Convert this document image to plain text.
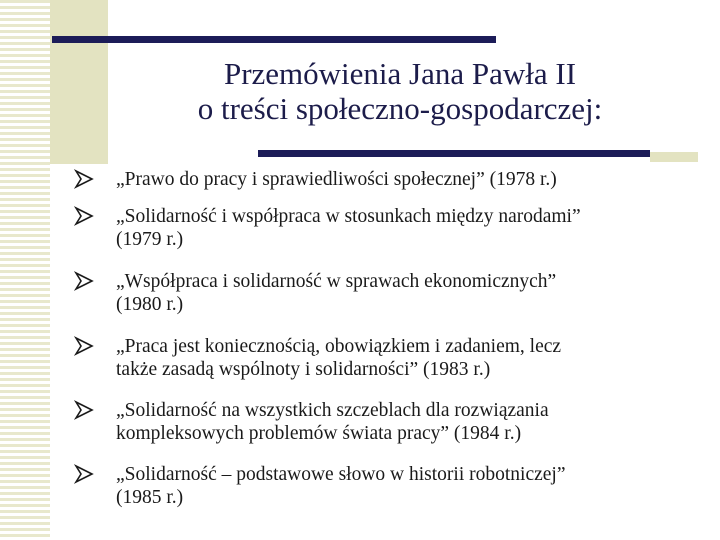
Przemówienia Jana Pawła II
o treści społeczno-gospodarczej:
„Prawo do pracy i sprawiedliwości społecznej” (1978 r.)
„Solidarność i współpraca w stosunkach między narodami”
(1979 r.)
„Współpraca i solidarność w sprawach ekonomicznych”
(1980 r.)
„Praca jest koniecznością, obowiązkiem i zadaniem, lecz
także zasadą wspólnoty i solidarności” (1983 r.)
„Solidarność na wszystkich szczeblach dla rozwiązania
kompleksowych problemów świata pracy” (1984 r.)
„Solidarność – podstawowe słowo w historii robotniczej”
(1985 r.)
